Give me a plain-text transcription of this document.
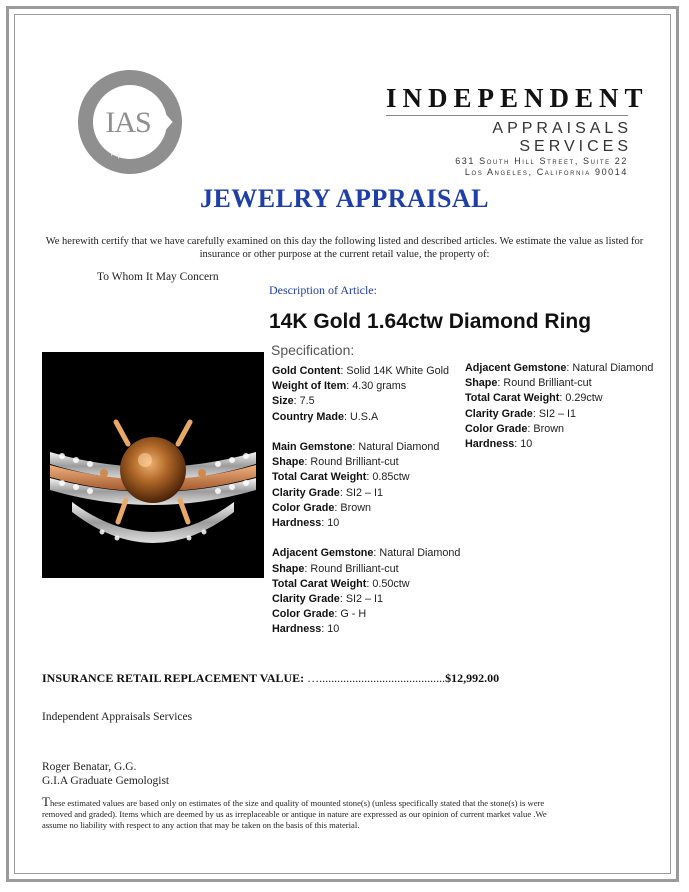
IAS
Appraisal
INDEPENDENT
APPRAISALS SERVICES
631 South Hill Street, Suite 22
Los Angeles, California 90014
JEWELRY APPRAISAL
We herewith certify that we have carefully examined on this day the following listed and described articles. We estimate the value as listed for insurance or other purpose at the current retail value, the property of:
To Whom It May Concern
Description of Article:
14K Gold 1.64ctw Diamond Ring
Specification:
Gold Content: Solid 14K White Gold
Weight of Item: 4.30 grams
Size: 7.5
Country Made: U.S.A
Main Gemstone: Natural Diamond
Shape: Round Brilliant-cut
Total Carat Weight: 0.85ctw
Clarity Grade: SI2 – I1
Color Grade: Brown
Hardness: 10
Adjacent Gemstone: Natural Diamond
Shape: Round Brilliant-cut
Total Carat Weight: 0.50ctw
Clarity Grade: SI2 – I1
Color Grade: G - H
Hardness: 10
Adjacent Gemstone: Natural Diamond
Shape: Round Brilliant-cut
Total Carat Weight: 0.29ctw
Clarity Grade: SI2 – I1
Color Grade: Brown
Hardness: 10
INSURANCE RETAIL REPLACEMENT VALUE: …..........................................$12,992.00
Independent Appraisals Services
Roger Benatar, G.G.
G.I.A Graduate Gemologist
These estimated values are based only on estimates of the size and quality of mounted stone(s) (unless specifically stated that the stone(s) is were removed and graded). Items which are deemed by us as irreplaceable or antique in nature are expressed as our opinion of current market value .We assume no liability with respect to any action that may be taken on the basis of this material.
